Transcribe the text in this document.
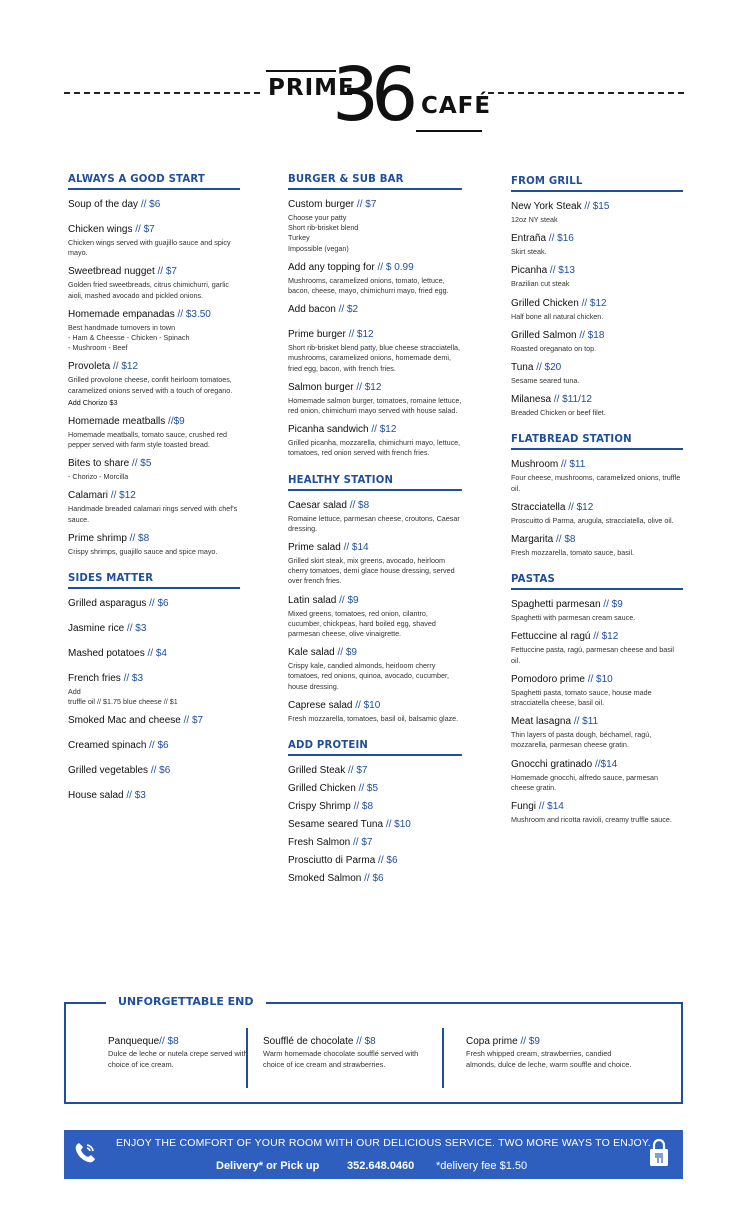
PRIME
36 CAFÉ
ALWAYS A GOOD START
Soup of the day // $6
Chicken wings // $7
Chicken wings served with guajillo sauce and spicy mayo.
Sweetbread nugget // $7
Golden fried sweetbreads, citrus chimichurri, garlic aioli, mashed avocado and pickled onions.
Homemade empanadas // $3.50
Best handmade turnovers in town
- Ham & Cheesse - Chicken - Spinach
- Mushroom - Beef
Provoleta // $12
Grilled provolone cheese, confit heirloom tomatoes, caramelized onions served with a touch of oregano.
Add Chorizo $3
Homemade meatballs //$9
Homemade meatballs, tomato sauce, crushed red pepper served with farm style toasted bread.
Bites to share // $5
- Chorizo - Morcilla
Calamari // $12
Handmade breaded calamari rings served with chef's sauce.
Prime shrimp // $8
Crispy shrimps, guajillo sauce and spice mayo.
SIDES MATTER
Grilled asparagus // $6
Jasmine rice // $3
Mashed potatoes // $4
French fries // $3
Add
truffle oil // $1.75 blue cheese // $1
Smoked Mac and cheese // $7
Creamed spinach // $6
Grilled vegetables // $6
House salad // $3
BURGER & SUB BAR
Custom burger // $7
Choose your patty
Short rib-brisket blend
Turkey
Impossible (vegan)
Add any topping for // $ 0.99
Mushrooms, caramelized onions, tomato, lettuce, bacon, cheese, mayo, chimichurri mayo, fried egg.
Add bacon // $2
Prime burger // $12
Short rib-brisket blend patty, blue cheese stracciatella, mushrooms, caramelized onions, homemade demi, fried egg, bacon, with french fries.
Salmon burger // $12
Homemade salmon burger, tomatoes, romaine lettuce, red onion, chimichurri mayo served with house salad.
Picanha sandwich // $12
Grilled picanha, mozzarella, chimichurri mayo, lettuce, tomatoes, red onion served with french fries.
HEALTHY STATION
Caesar salad // $8
Romaine lettuce, parmesan cheese, croutons, Caesar dressing.
Prime salad // $14
Grilled skirt steak, mix greens, avocado, heirloom cherry tomatoes, demi glace house dressing, served over french fries.
Latin salad // $9
Mixed greens, tomatoes, red onion, cilantro, cucumber, chickpeas, hard boiled egg, shaved parmesan cheese, olive vinaigrette.
Kale salad // $9
Crispy kale, candied almonds, heirloom cherry tomatoes, red onions, quinoa, avocado, cucumber, house dressing.
Caprese salad // $10
Fresh mozzarella, tomatoes, basil oil, balsamic glaze.
ADD PROTEIN
Grilled Steak // $7
Grilled Chicken // $5
Crispy Shrimp // $8
Sesame seared Tuna // $10
Fresh Salmon // $7
Prosciutto di Parma // $6
Smoked Salmon // $6
FROM GRILL
New York Steak // $15
12oz NY steak
Entraña // $16
Skirt steak.
Picanha // $13
Brazilian cut steak
Grilled Chicken // $12
Half bone all natural chicken.
Grilled Salmon // $18
Roasted oreganato on top.
Tuna // $20
Sesame seared tuna.
Milanesa // $11/12
Breaded Chicken or beef filet.
FLATBREAD STATION
Mushroom // $11
Four cheese, mushrooms, caramelized onions, truffle oil.
Stracciatella // $12
Proscuitto di Parma, arugula, stracciatella, olive oil.
Margarita // $8
Fresh mozzarella, tomato sauce, basil.
PASTAS
Spaghetti parmesan // $9
Spaghetti with parmesan cream sauce.
Fettuccine al ragú // $12
Fettuccine pasta, ragú, parmesan cheese and basil oil.
Pomodoro prime // $10
Spaghetti pasta, tomato sauce, house made stracciatella cheese, basil oil.
Meat lasagna // $11
Thin layers of pasta dough, béchamel, ragú, mozzarella, parmesan cheese gratin.
Gnocchi gratinado //$14
Homemade gnocchi, alfredo sauce, parmesan cheese gratin.
Fungi // $14
Mushroom and ricotta ravioli, creamy truffle sauce.
UNFORGETTABLE END
Panqueque// $8
Dulce de leche or nutela crepe served with choice of ice cream.
Soufflé de chocolate // $8
Warm homemade chocolate soufflé served with choice of ice cream and strawberries.
Copa prime // $9
Fresh whipped cream, strawberries, candied almonds, dulce de leche, warm souffle and choice.
ENJOY THE COMFORT OF YOUR ROOM WITH OUR DELICIOUS SERVICE. TWO MORE WAYS TO ENJOY.
Delivery* or Pick up	352.648.0460 *delivery fee $1.50
